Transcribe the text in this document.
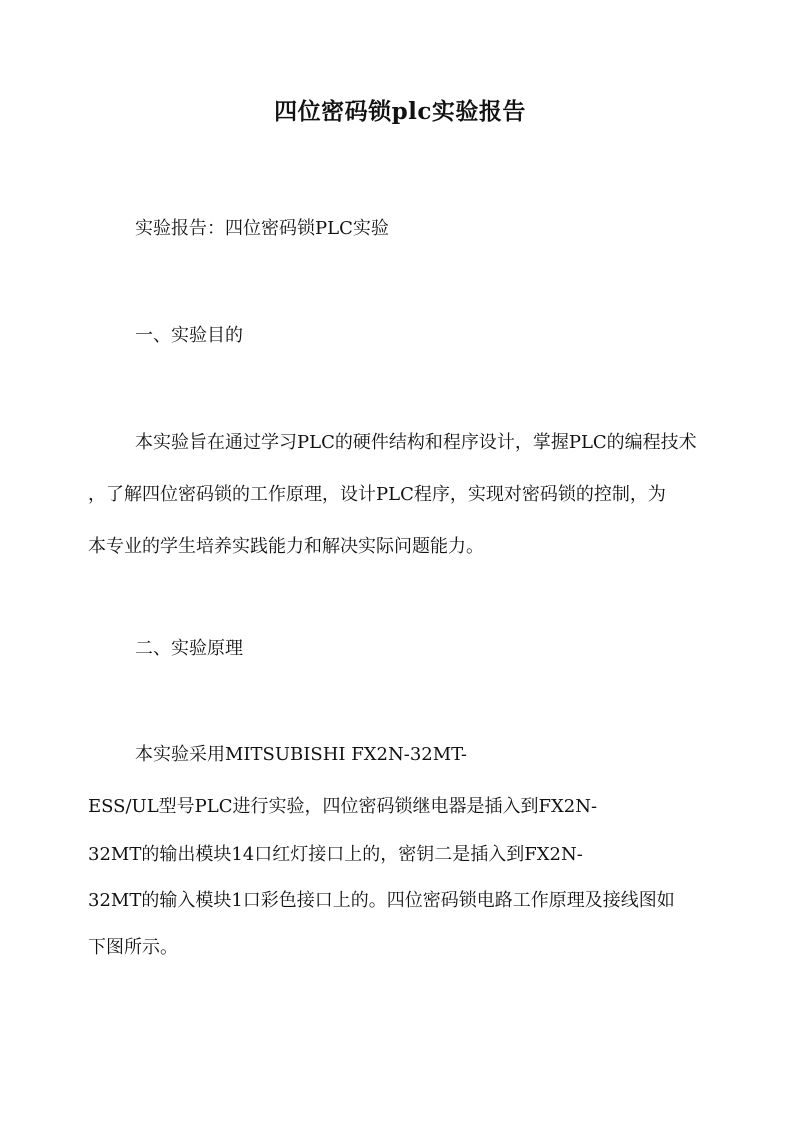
四位密码锁plc实验报告
实验报告：四位密码锁PLC实验
一、实验目的
本实验旨在通过学习PLC的硬件结构和程序设计，掌握PLC的编程技术
，了解四位密码锁的工作原理，设计PLC程序，实现对密码锁的控制，为
本专业的学生培养实践能力和解决实际问题能力。
二、实验原理
本实验采用MITSUBISHI FX2N-32MT-
ESS/UL型号PLC进行实验，四位密码锁继电器是插入到FX2N-
32MT的输出模块14口红灯接口上的，密钥二是插入到FX2N-
32MT的输入模块1口彩色接口上的。四位密码锁电路工作原理及接线图如
下图所示。
